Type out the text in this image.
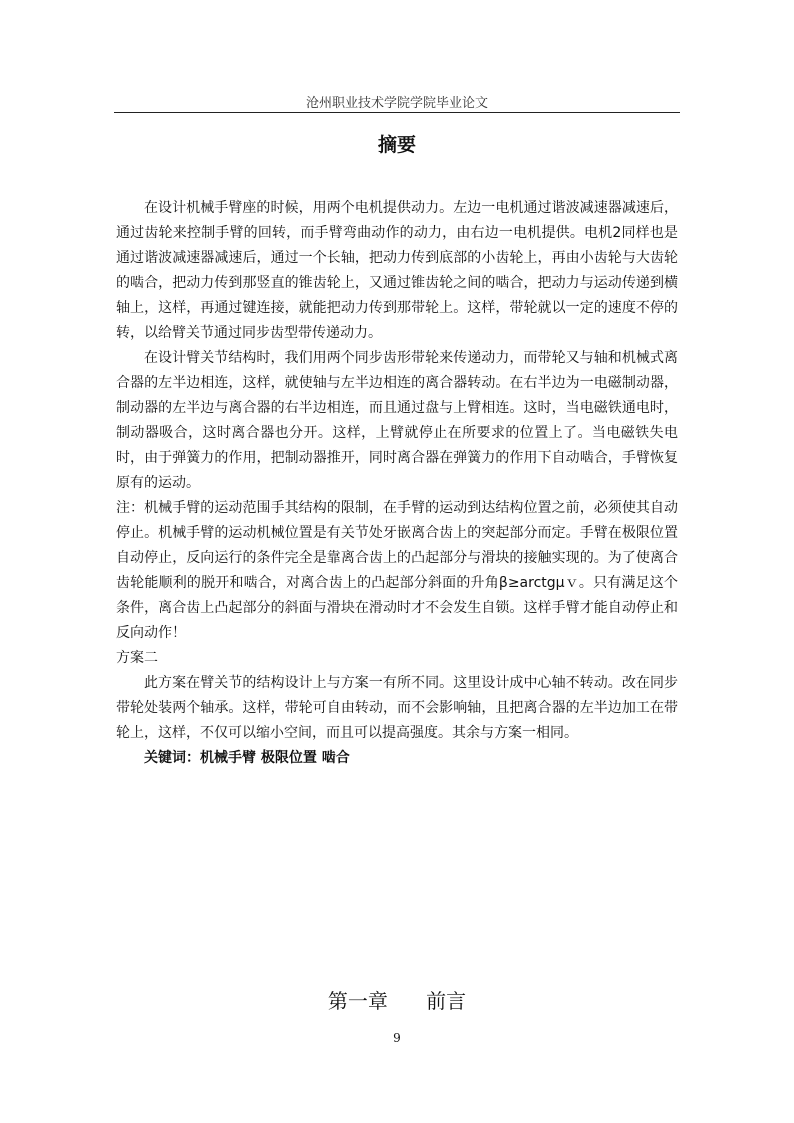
沧州职业技术学院学院毕业论文
摘要

在设计机械手臂座的时候，用两个电机提供动力。左边一电机通过谐波减速器减速后，通过齿轮来控制手臂的回转，而手臂弯曲动作的动力，由右边一电机提供。电机2同样也是通过谐波减速器减速后，通过一个长轴，把动力传到底部的小齿轮上，再由小齿轮与大齿轮的啮合，把动力传到那竖直的锥齿轮上，又通过锥齿轮之间的啮合，把动力与运动传递到横轴上，这样，再通过键连接，就能把动力传到那带轮上。这样，带轮就以一定的速度不停的转，以给臂关节通过同步齿型带传递动力。

在设计臂关节结构时，我们用两个同步齿形带轮来传递动力，而带轮又与轴和机械式离合器的左半边相连，这样，就使轴与左半边相连的离合器转动。在右半边为一电磁制动器，制动器的左半边与离合器的右半边相连，而且通过盘与上臂相连。这时，当电磁铁通电时，制动器吸合，这时离合器也分开。这样，上臂就停止在所要求的位置上了。当电磁铁失电时，由于弹簧力的作用，把制动器推开，同时离合器在弹簧力的作用下自动啮合，手臂恢复原有的运动。

注：机械手臂的运动范围手其结构的限制，在手臂的运动到达结构位置之前，必须使其自动停止。机械手臂的运动机械位置是有关节处牙嵌离合齿上的突起部分而定。手臂在极限位置自动停止，反向运行的条件完全是靠离合齿上的凸起部分与滑块的接触实现的。为了使离合齿轮能顺利的脱开和啮合，对离合齿上的凸起部分斜面的升角β≥arctgμｖ。只有满足这个条件，离合齿上凸起部分的斜面与滑块在滑动时才不会发生自锁。这样手臂才能自动停止和反向动作！

方案二

此方案在臂关节的结构设计上与方案一有所不同。这里设计成中心轴不转动。改在同步带轮处装两个轴承。这样，带轮可自由转动，而不会影响轴，且把离合器的左半边加工在带轮上，这样，不仅可以缩小空间，而且可以提高强度。其余与方案一相同。

关键词：机械手臂 极限位置 啮合

第一章      前言
9
